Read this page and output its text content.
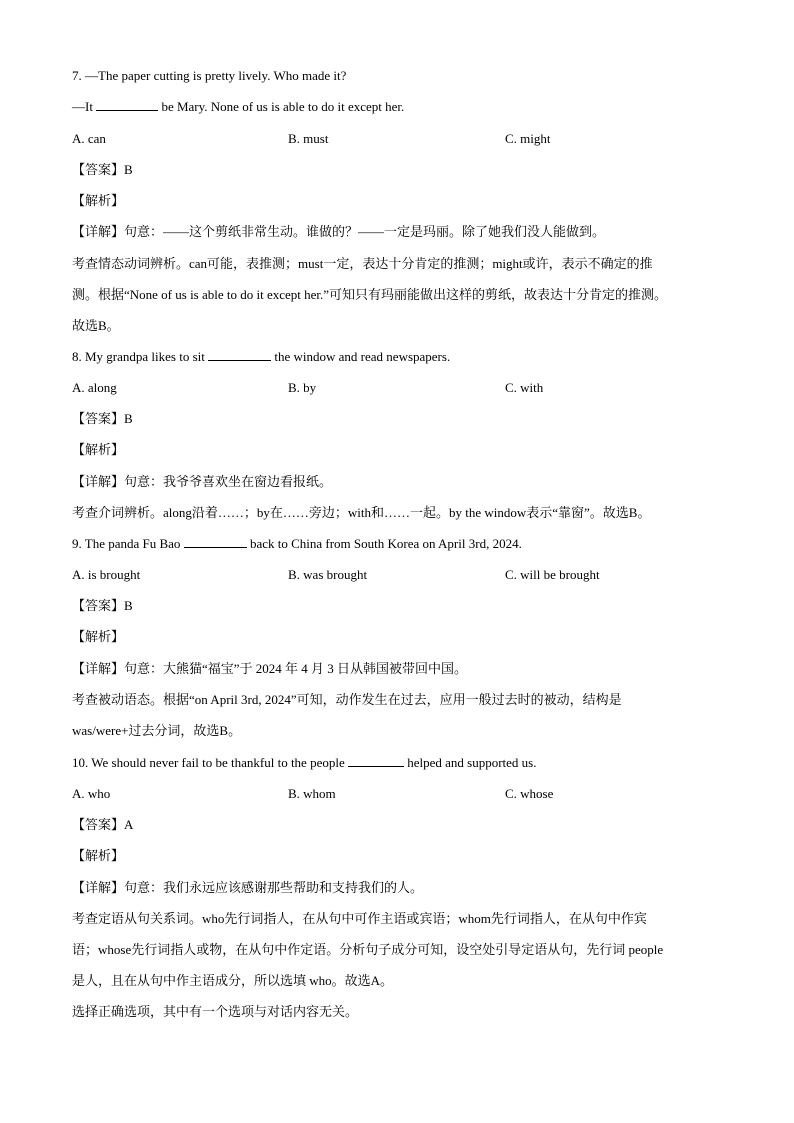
7. —The paper cutting is pretty lively. Who made it?
—It	be Mary. None of us is able to do it except her.
A. can	B. must	C. might
【答案】B
【解析】
【详解】句意：——这个剪纸非常生动。谁做的？——一定是玛丽。除了她我们没人能做到。
考查情态动词辨析。can可能，表推测；must一定，表达十分肯定的推测；might或许，表示不确定的推
测。根据“None of us is able to do it except her.”可知只有玛丽能做出这样的剪纸，故表达十分肯定的推测。
故选B。
8. My grandpa likes to sit	the window and read newspapers.
A. along	B. by	C. with
【答案】B
【解析】
【详解】句意：我爷爷喜欢坐在窗边看报纸。
考查介词辨析。along沿着……；by在……旁边；with和……一起。by the window表示“靠窗”。故选B。
9. The panda Fu Bao	back to China from South Korea on April 3rd, 2024.
A. is brought	B. was brought	C. will be brought
【答案】B
【解析】
【详解】句意：大熊猫“福宝”于 2024 年 4 月 3 日从韩国被带回中国。
考查被动语态。根据“on April 3rd, 2024”可知，动作发生在过去，应用一般过去时的被动，结构是
was/were+过去分词，故选B。
10. We should never fail to be thankful to the people	helped and supported us.
A. who	B. whom	C. whose
【答案】A
【解析】
【详解】句意：我们永远应该感谢那些帮助和支持我们的人。
考查定语从句关系词。who先行词指人，在从句中可作主语或宾语；whom先行词指人，在从句中作宾
语；whose先行词指人或物，在从句中作定语。分析句子成分可知，设空处引导定语从句，先行词 people
是人，且在从句中作主语成分，所以选填 who。故选A。
选择正确选项，其中有一个选项与对话内容无关。
